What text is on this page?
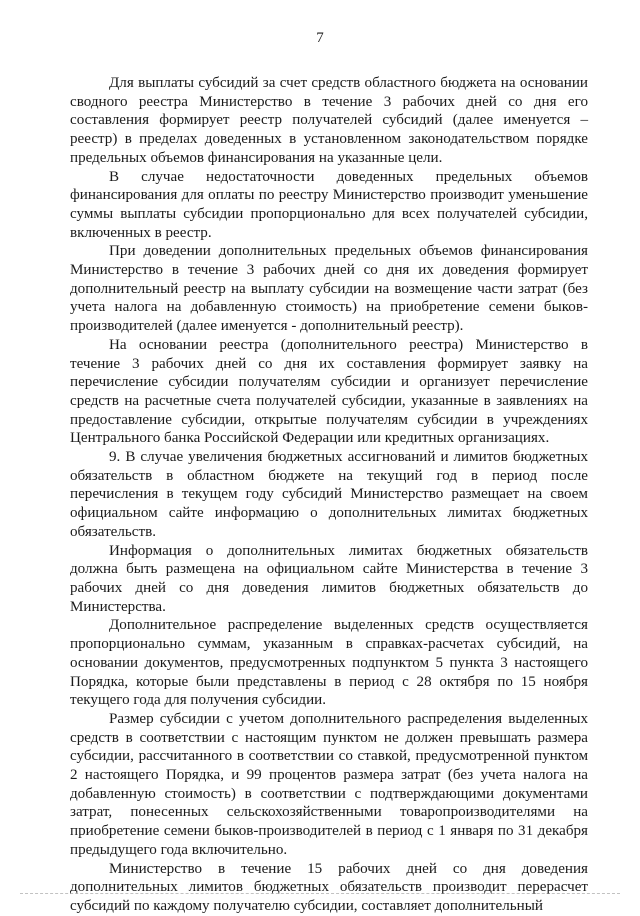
7

Для выплаты субсидий за счет средств областного бюджета на основании сводного реестра Министерство в течение 3 рабочих дней со дня его составления формирует реестр получателей субсидий (далее именуется – реестр) в пределах доведенных в установленном законодательством порядке предельных объемов финансирования на указанные цели.

В случае недостаточности доведенных предельных объемов финансирования для оплаты по реестру Министерство производит уменьшение суммы выплаты субсидии пропорционально для всех получателей субсидии, включенных в реестр.

При доведении дополнительных предельных объемов финансирования Министерство в течение 3 рабочих дней со дня их доведения формирует дополнительный реестр на выплату субсидии на возмещение части затрат (без учета налога на добавленную стоимость) на приобретение семени быков-производителей (далее именуется - дополнительный реестр).

На основании реестра (дополнительного реестра) Министерство в течение 3 рабочих дней со дня их составления формирует заявку на перечисление субсидии получателям субсидии и организует перечисление средств на расчетные счета получателей субсидии, указанные в заявлениях на предоставление субсидии, открытые получателям субсидии в учреждениях Центрального банка Российской Федерации или кредитных организациях.

9. В случае увеличения бюджетных ассигнований и лимитов бюджетных обязательств в областном бюджете на текущий год в период после перечисления в текущем году субсидий Министерство размещает на своем официальном сайте информацию о дополнительных лимитах бюджетных обязательств.

Информация о дополнительных лимитах бюджетных обязательств должна быть размещена на официальном сайте Министерства в течение 3 рабочих дней со дня доведения лимитов бюджетных обязательств до Министерства.

Дополнительное распределение выделенных средств осуществляется пропорционально суммам, указанным в справках-расчетах субсидий, на основании документов, предусмотренных подпунктом 5 пункта 3 настоящего Порядка, которые были представлены в период с 28 октября по 15 ноября текущего года для получения субсидии.

Размер субсидии с учетом дополнительного распределения выделенных средств в соответствии с настоящим пунктом не должен превышать размера субсидии, рассчитанного в соответствии со ставкой, предусмотренной пунктом 2 настоящего Порядка, и 99 процентов размера затрат (без учета налога на добавленную стоимость) в соответствии с подтверждающими документами затрат, понесенных сельскохозяйственными товаропроизводителями на приобретение семени быков-производителей в период с 1 января по 31 декабря предыдущего года включительно.

Министерство в течение 15 рабочих дней со дня доведения дополнительных лимитов бюджетных обязательств производит перерасчет субсидий по каждому получателю субсидии, составляет дополнительный
